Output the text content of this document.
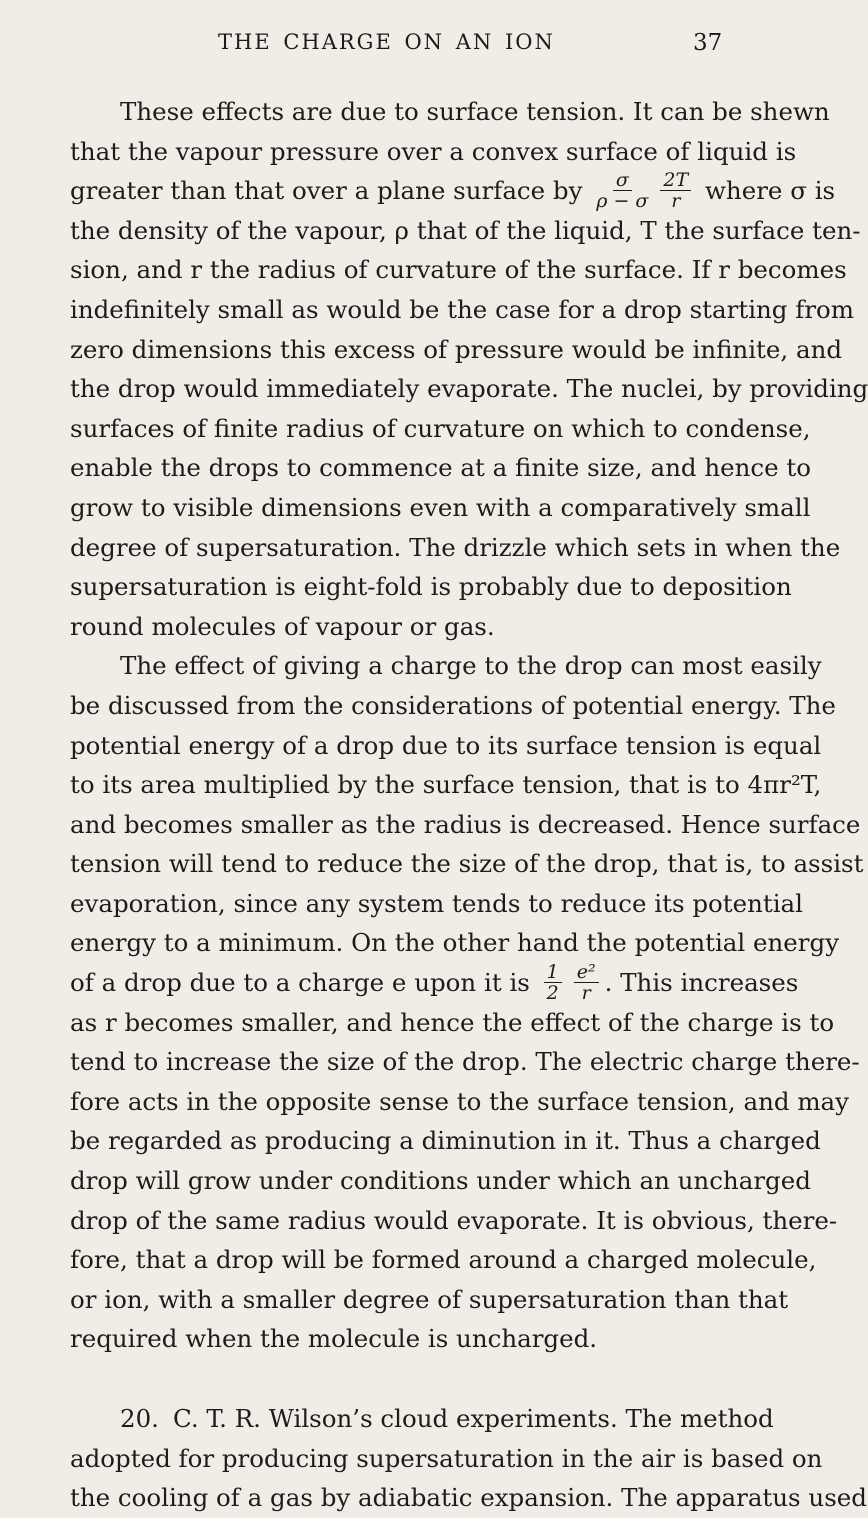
THE CHARGE ON AN ION	37
These effects are due to surface tension. It can be shewn
that the vapour pressure over a convex surface of liquid is
greater than that over a plane surface by $\frac{\sigma}{\rho - \sigma} \frac{2T}{r}$ where σ is
the density of the vapour, ρ that of the liquid, T the surface ten-
sion, and r the radius of curvature of the surface. If r becomes
indefinitely small as would be the case for a drop starting from
zero dimensions this excess of pressure would be infinite, and
the drop would immediately evaporate. The nuclei, by providing
surfaces of finite radius of curvature on which to condense,
enable the drops to commence at a finite size, and hence to
grow to visible dimensions even with a comparatively small
degree of supersaturation. The drizzle which sets in when the
supersaturation is eight-fold is probably due to deposition
round molecules of vapour or gas.
The effect of giving a charge to the drop can most easily
be discussed from the considerations of potential energy. The
potential energy of a drop due to its surface tension is equal
to its area multiplied by the surface tension, that is to 4πr²T,
and becomes smaller as the radius is decreased. Hence surface
tension will tend to reduce the size of the drop, that is, to assist
evaporation, since any system tends to reduce its potential
energy to a minimum. On the other hand the potential energy
of a drop due to a charge e upon it is $\frac{1}{2} \frac{\text{e²}}{r}$ . This increases
as r becomes smaller, and hence the effect of the charge is to
tend to increase the size of the drop. The electric charge there-
fore acts in the opposite sense to the surface tension, and may
be regarded as producing a diminution in it. Thus a charged
drop will grow under conditions under which an uncharged
drop of the same radius would evaporate. It is obvious, there-
fore, that a drop will be formed around a charged molecule,
or ion, with a smaller degree of supersaturation than that
required when the molecule is uncharged.
20. C. T. R. Wilson’s cloud experiments. The method
adopted for producing supersaturation in the air is based on
the cooling of a gas by adiabatic expansion. The apparatus used
